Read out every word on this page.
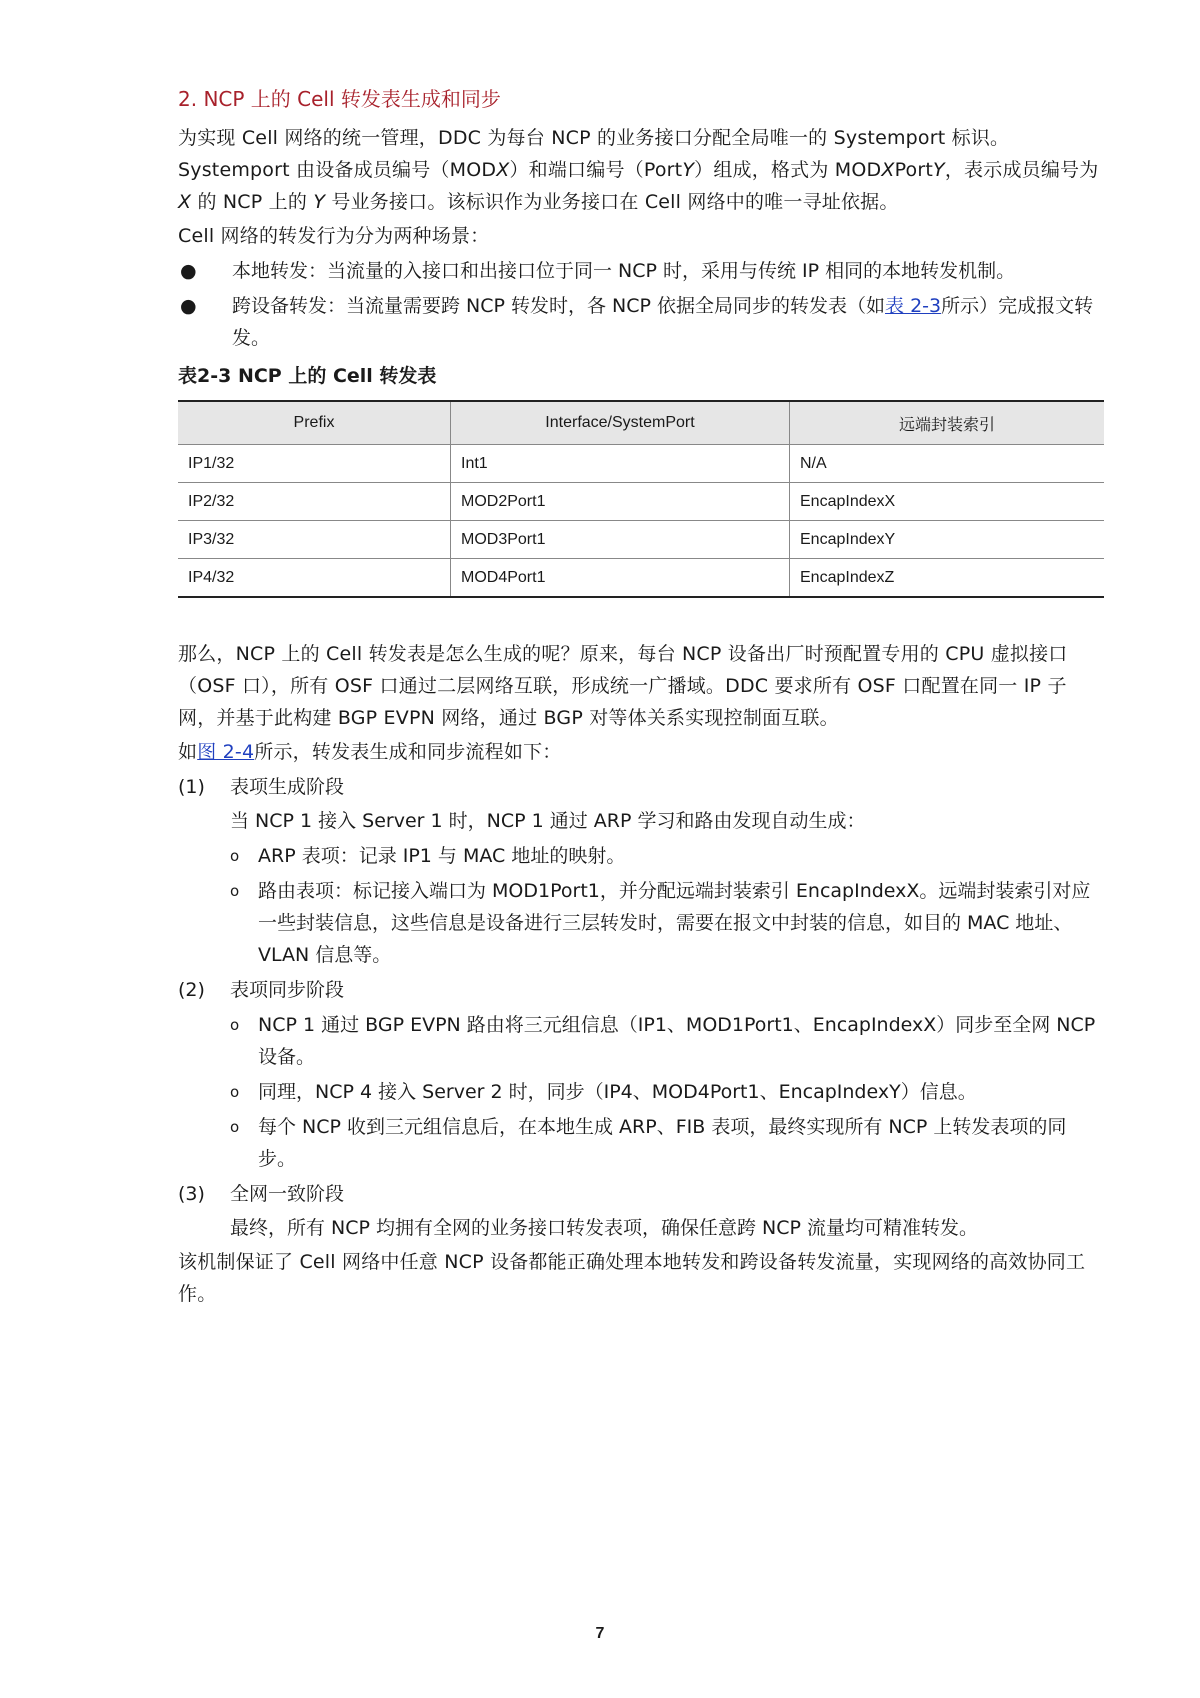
2. NCP 上的 Cell 转发表生成和同步

为实现 Cell 网络的统一管理，DDC 为每台 NCP 的业务接口分配全局唯一的 Systemport 标识。Systemport 由设备成员编号（MODX）和端口编号（PortY）组成，格式为 MODXPortY，表示成员编号为X 的 NCP 上的 Y 号业务接口。该标识作为业务接口在 Cell 网络中的唯一寻址依据。

Cell 网络的转发行为分为两种场景：

●	本地转发：当流量的入接口和出接口位于同一 NCP 时，采用与传统 IP 相同的本地转发机制。
●	跨设备转发：当流量需要跨 NCP 转发时，各 NCP 依据全局同步的转发表（如表 2-3所示）完成报文转发。
表2-3 NCP 上的 Cell 转发表
Prefix	Interface/SystemPort	远端封装索引
IP1/32	Int1	N/A
IP2/32	MOD2Port1	EncapIndexX
IP3/32	MOD3Port1	EncapIndexY
IP4/32	MOD4Port1	EncapIndexZ

那么，NCP 上的 Cell 转发表是怎么生成的呢？原来，每台 NCP 设备出厂时预配置专用的 CPU 虚拟接口（OSF 口），所有 OSF 口通过二层网络互联，形成统一广播域。DDC 要求所有 OSF 口配置在同一 IP 子网，并基于此构建 BGP EVPN 网络，通过 BGP 对等体关系实现控制面互联。

如图 2-4所示，转发表生成和同步流程如下：

(1)	表项生成阶段
当 NCP 1 接入 Server 1 时，NCP 1 通过 ARP 学习和路由发现自动生成：
o ARP 表项：记录 IP1 与 MAC 地址的映射。
o 路由表项：标记接入端口为 MOD1Port1，并分配远端封装索引 EncapIndexX。远端封装索引对应一些封装信息，这些信息是设备进行三层转发时，需要在报文中封装的信息，如目的 MAC 地址、VLAN 信息等。
(2)	表项同步阶段
o NCP 1 通过 BGP EVPN 路由将三元组信息（IP1、MOD1Port1、EncapIndexX）同步至全网 NCP 设备。
o 同理，NCP 4 接入 Server 2 时，同步（IP4、MOD4Port1、EncapIndexY）信息。
o 每个 NCP 收到三元组信息后，在本地生成 ARP、FIB 表项，最终实现所有 NCP 上转发表项的同步。
(3)	全网一致阶段
最终，所有 NCP 均拥有全网的业务接口转发表项，确保任意跨 NCP 流量均可精准转发。

该机制保证了 Cell 网络中任意 NCP 设备都能正确处理本地转发和跨设备转发流量，实现网络的高效协同工作。

7
